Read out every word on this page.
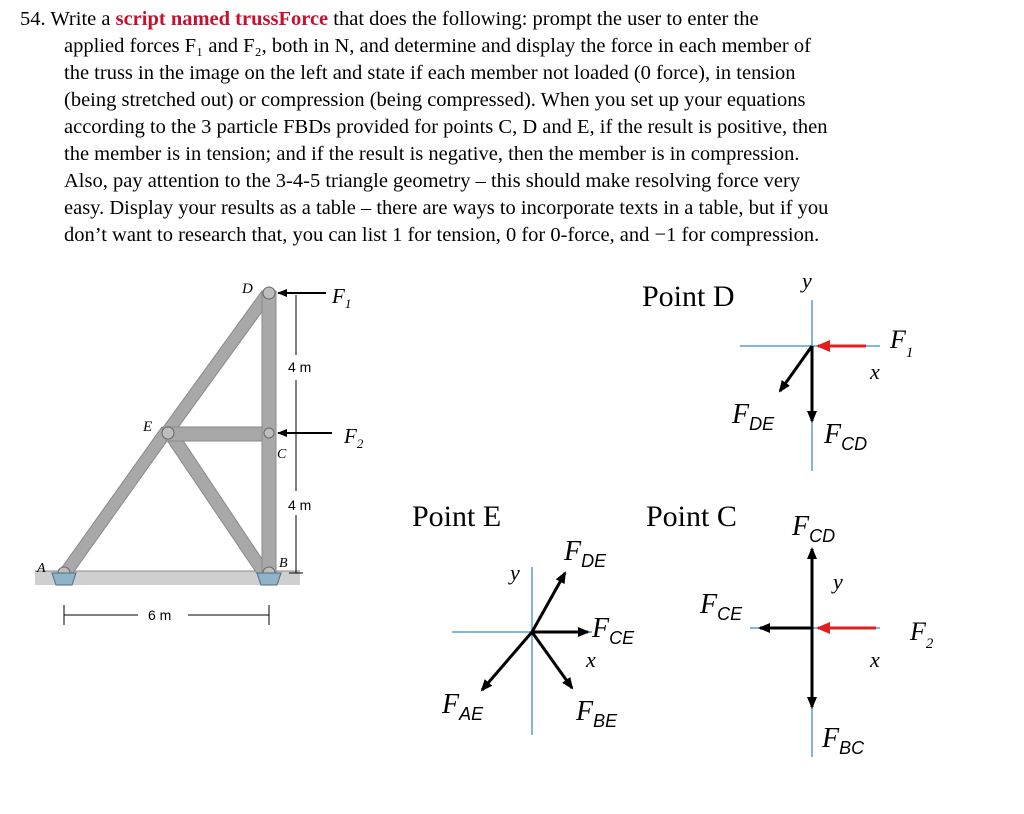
54. Write a script named trussForce that does the following: prompt the user to enter the
applied forces F₁ and F₂, both in N, and determine and display the force in each member of
the truss in the image on the left and state if each member not loaded (0 force), in tension
(being stretched out) or compression (being compressed). When you set up your equations
according to the 3 particle FBDs provided for points C, D and E, if the result is positive, then
the member is in tension; and if the result is negative, then the member is in compression.
Also, pay attention to the 3-4-5 triangle geometry – this should make resolving force very
easy. Display your results as a table – there are ways to incorporate texts in a table, but if you
don’t want to research that, you can list 1 for tension, 0 for 0-force, and −1 for compression.
D
E
C
B
A
$F_1$
$F_2$
4 m
4 m
6 m
Point D	y
$F_1$
x
$F_{DE}$ $F_{CD}$
Point E
y
$F_{DE}$
$F_{CE}$
x
$F_{AE}$	$F_{BE}$
Point C $F_{CD}$
y
$F_{CE}$
$F_2$
x
$F_{BC}$
